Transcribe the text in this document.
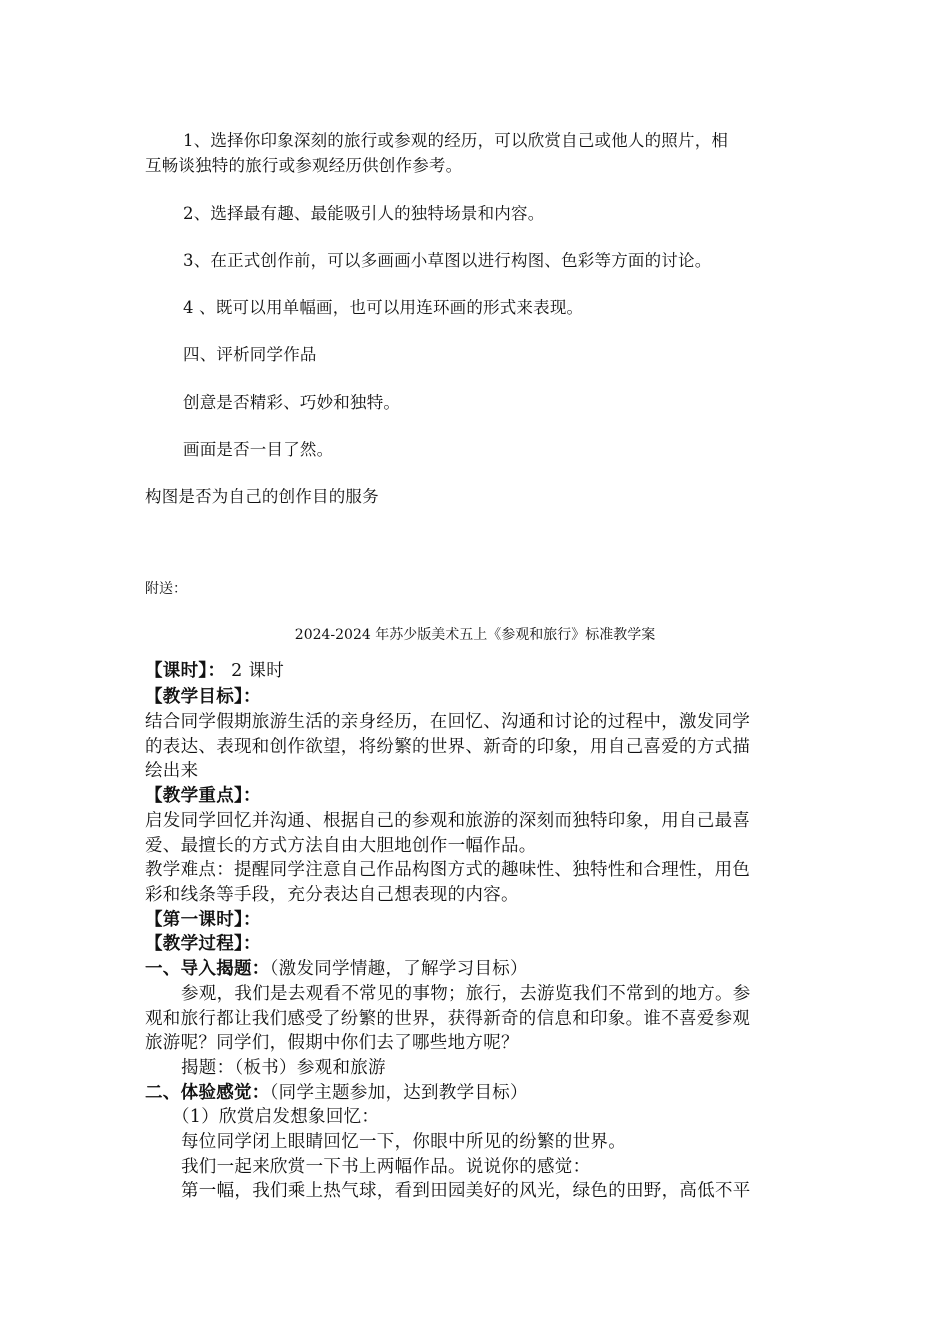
1、选择你印象深刻的旅行或参观的经历，可以欣赏自己或他人的照片，相
互畅谈独特的旅行或参观经历供创作参考。
2、选择最有趣、最能吸引人的独特场景和内容。
3、在正式创作前，可以多画画小草图以进行构图、色彩等方面的讨论。
4 、既可以用单幅画，也可以用连环画的形式来表现。
四、评析同学作品
创意是否精彩、巧妙和独特。
画面是否一目了然。
构图是否为自己的创作目的服务
附送：
2024-2024 年苏少版美术五上《参观和旅行》标准教学案
【课时】： 2 课时
【教学目标】：
结合同学假期旅游生活的亲身经历，在回忆、沟通和讨论的过程中，激发同学
的表达、表现和创作欲望，将纷繁的世界、新奇的印象，用自己喜爱的方式描
绘出来
【教学重点】：
启发同学回忆并沟通、根据自己的参观和旅游的深刻而独特印象，用自己最喜
爱、最擅长的方式方法自由大胆地创作一幅作品。
教学难点：提醒同学注意自己作品构图方式的趣味性、独特性和合理性，用色
彩和线条等手段，充分表达自己想表现的内容。
【第一课时】：
【教学过程】：
一、导入揭题：（激发同学情趣，了解学习目标）
参观，我们是去观看不常见的事物；旅行，去游览我们不常到的地方。参
观和旅行都让我们感受了纷繁的世界，获得新奇的信息和印象。谁不喜爱参观
旅游呢？同学们，假期中你们去了哪些地方呢？
揭题：（板书）参观和旅游
二、体验感觉：（同学主题参加，达到教学目标）
（1）欣赏启发想象回忆：
每位同学闭上眼睛回忆一下，你眼中所见的纷繁的世界。
我们一起来欣赏一下书上两幅作品。说说你的感觉：
第一幅，我们乘上热气球，看到田园美好的风光，绿色的田野，高低不平
